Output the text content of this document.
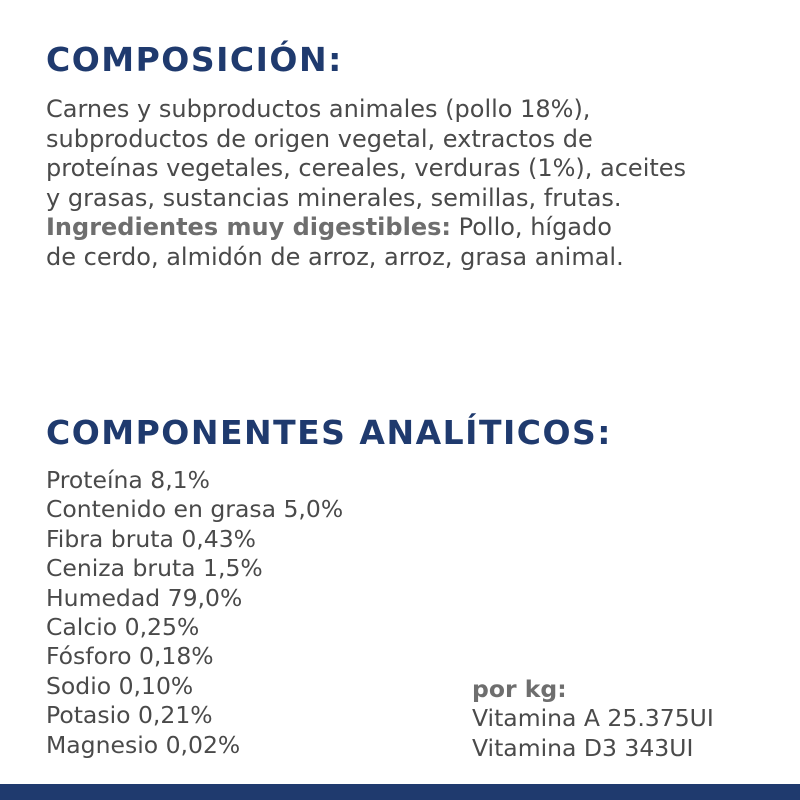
COMPOSICIÓN:

Carnes y subproductos animales (pollo 18%),
subproductos de origen vegetal, extractos de
proteínas vegetales, cereales, verduras (1%), aceites
y grasas, sustancias minerales, semillas, frutas.
Ingredientes muy digestibles: Pollo, hígado
de cerdo, almidón de arroz, arroz, grasa animal.

COMPONENTES ANALÍTICOS:
Proteína 8,1%
Contenido en grasa 5,0%
Fibra bruta 0,43%
Ceniza bruta 1,5%
Humedad 79,0%
Calcio 0,25%
Fósforo 0,18%
Sodio 0,10%
Potasio 0,21%
Magnesio 0,02%
por kg:
Vitamina A 25.375UI
Vitamina D3 343UI
